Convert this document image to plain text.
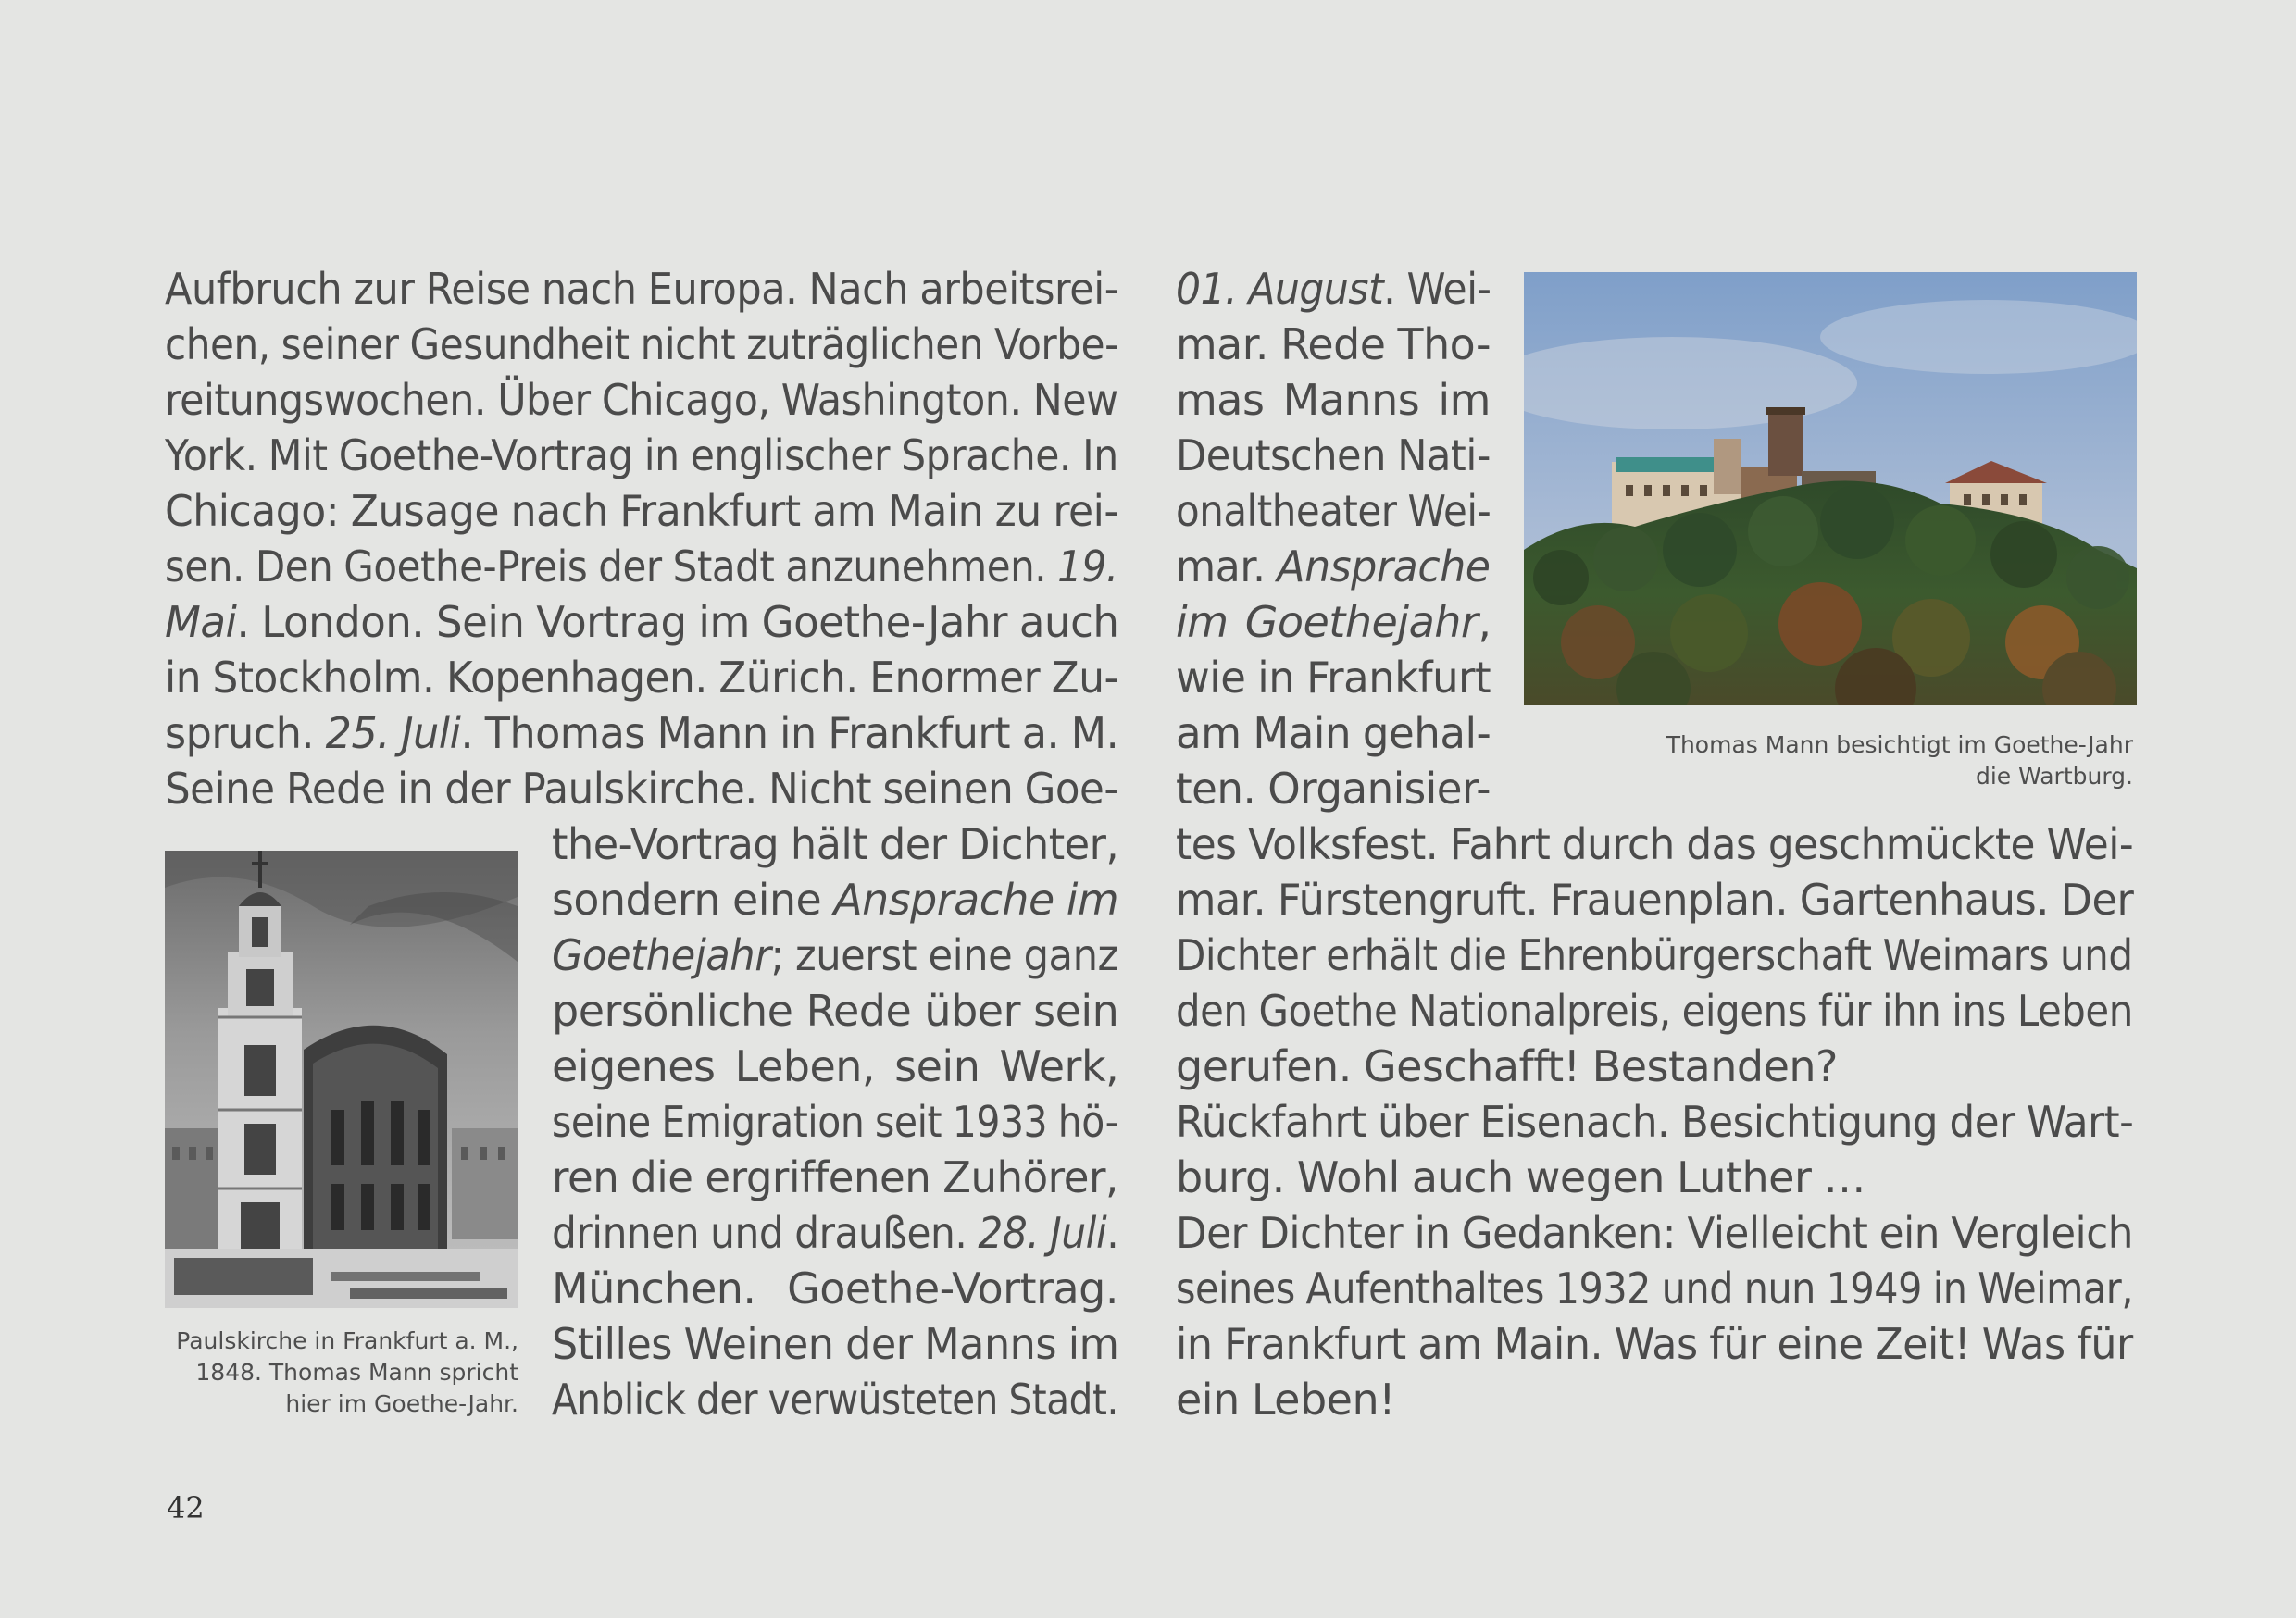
Aufbruch zur Reise nach Europa. Nach arbeitsrei-
chen, seiner Gesundheit nicht zuträglichen Vorbe-
reitungswochen. Über Chicago, Washington. New
York. Mit Goethe-Vortrag in englischer Sprache. In
Chicago: Zusage nach Frankfurt am Main zu rei-
sen. Den Goethe-Preis der Stadt anzunehmen. 19.
Mai. London. Sein Vortrag im Goethe-Jahr auch
in Stockholm. Kopenhagen. Zürich. Enormer Zu-
spruch. 25. Juli. Thomas Mann in Frankfurt a. M.
Seine Rede in der Paulskirche. Nicht seinen Goe-
Paulskirche in Frankfurt a. M.,
1848. Thomas Mann spricht
hier im Goethe-Jahr.
the-Vortrag hält der Dichter,
sondern eine Ansprache im
Goethejahr; zuerst eine ganz
persönliche Rede über sein
eigenes Leben, sein Werk,
seine Emigration seit 1933 hö-
ren die ergriffenen Zuhörer,
drinnen und draußen. 28. Juli.
München. Goethe-Vortrag.
Stilles Weinen der Manns im
Anblick der verwüsteten Stadt.
01. August. Wei-
mar. Rede Tho-
mas Manns im
Deutschen Nati-
onaltheater Wei-
mar. Ansprache
im Goethejahr,
wie in Frankfurt
am Main gehal-
ten. Organisier-
Thomas Mann besichtigt im Goethe-Jahr
die Wartburg.
tes Volksfest. Fahrt durch das geschmückte Wei-
mar. Fürstengruft. Frauenplan. Gartenhaus. Der
Dichter erhält die Ehrenbürgerschaft Weimars und
den Goethe Nationalpreis, eigens für ihn ins Leben
gerufen. Geschafft! Bestanden?
Rückfahrt über Eisenach. Besichtigung der Wart-
burg. Wohl auch wegen Luther …
Der Dichter in Gedanken: Vielleicht ein Vergleich
seines Aufenthaltes 1932 und nun 1949 in Weimar,
in Frankfurt am Main. Was für eine Zeit! Was für
ein Leben!
42
